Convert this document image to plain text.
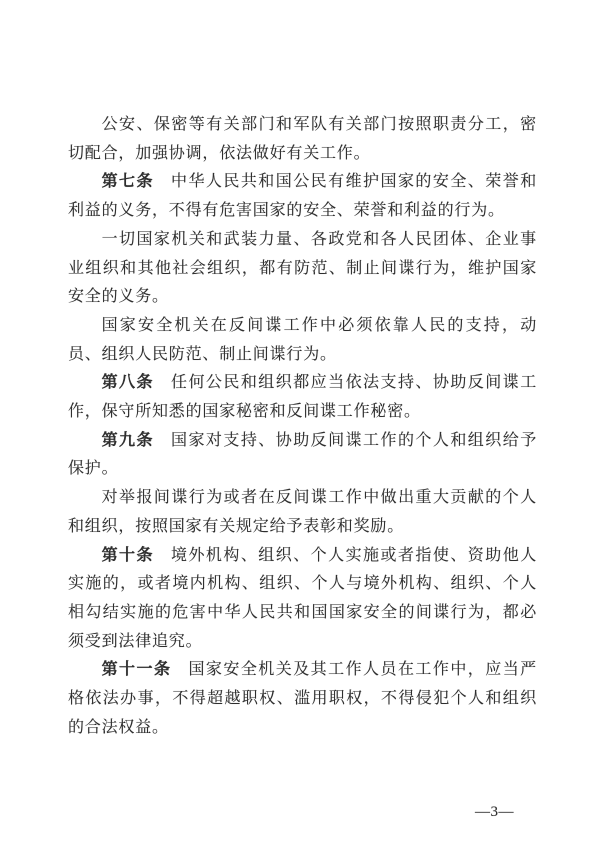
公安、保密等有关部门和军队有关部门按照职责分工，密切配合，加强协调，依法做好有关工作。

第七条 中华人民共和国公民有维护国家的安全、荣誉和利益的义务，不得有危害国家的安全、荣誉和利益的行为。

一切国家机关和武装力量、各政党和各人民团体、企业事业组织和其他社会组织，都有防范、制止间谍行为，维护国家安全的义务。

国家安全机关在反间谍工作中必须依靠人民的支持，动员、组织人民防范、制止间谍行为。

第八条 任何公民和组织都应当依法支持、协助反间谍工作，保守所知悉的国家秘密和反间谍工作秘密。

第九条 国家对支持、协助反间谍工作的个人和组织给予保护。

对举报间谍行为或者在反间谍工作中做出重大贡献的个人和组织，按照国家有关规定给予表彰和奖励。

第十条 境外机构、组织、个人实施或者指使、资助他人实施的，或者境内机构、组织、个人与境外机构、组织、个人相勾结实施的危害中华人民共和国国家安全的间谍行为，都必须受到法律追究。

第十一条 国家安全机关及其工作人员在工作中，应当严格依法办事，不得超越职权、滥用职权，不得侵犯个人和组织的合法权益。

—3—
